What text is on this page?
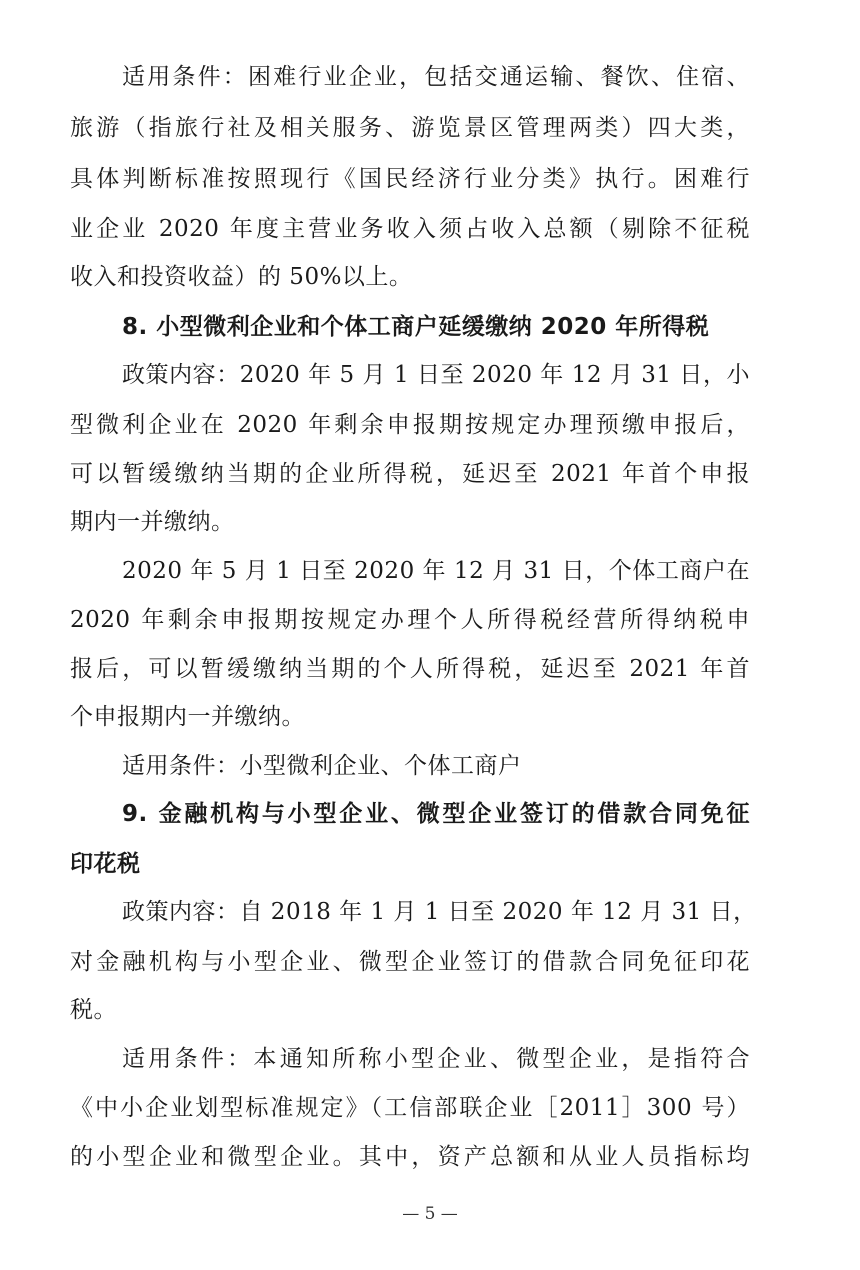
适用条件：困难行业企业，包括交通运输、餐饮、住宿、
旅游（指旅行社及相关服务、游览景区管理两类）四大类，
具体判断标准按照现行《国民经济行业分类》执行。困难行
业企业 2020 年度主营业务收入须占收入总额（剔除不征税
收入和投资收益）的 50%以上。
8. 小型微利企业和个体工商户延缓缴纳 2020 年所得税
政策内容：2020 年 5 月 1 日至 2020 年 12 月 31 日，小
型微利企业在 2020 年剩余申报期按规定办理预缴申报后，
可以暂缓缴纳当期的企业所得税，延迟至 2021 年首个申报
期内一并缴纳。
2020 年 5 月 1 日至 2020 年 12 月 31 日，个体工商户在
2020 年剩余申报期按规定办理个人所得税经营所得纳税申
报后，可以暂缓缴纳当期的个人所得税，延迟至 2021 年首
个申报期内一并缴纳。
适用条件：小型微利企业、个体工商户
9. 金融机构与小型企业、微型企业签订的借款合同免征
印花税
政策内容：自 2018 年 1 月 1 日至 2020 年 12 月 31 日，
对金融机构与小型企业、微型企业签订的借款合同免征印花
税。
适用条件：本通知所称小型企业、微型企业，是指符合
《中小企业划型标准规定》（工信部联企业［2011］300 号）
的小型企业和微型企业。其中，资产总额和从业人员指标均
— 5 —
